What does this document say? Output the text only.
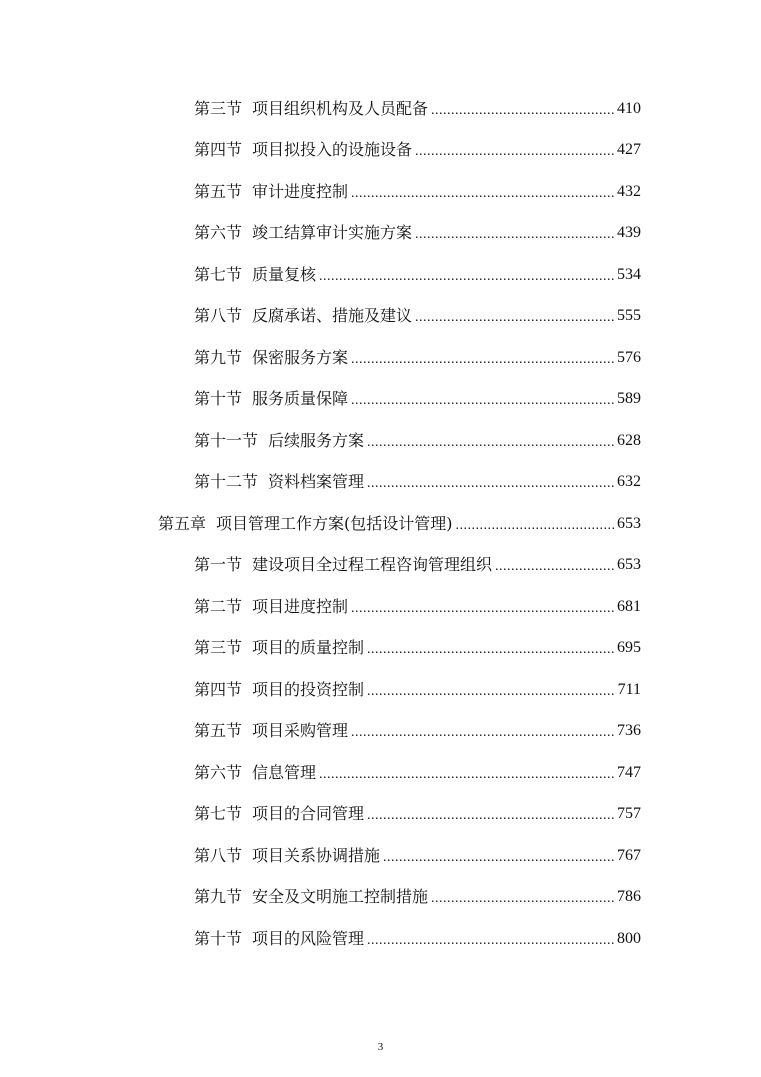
第三节 项目组织机构及人员配备 .....	410
第四节 项目拟投入的设施设备 .....	427
第五节 审计进度控制 .....	432
第六节 竣工结算审计实施方案 .....	439
第七节 质量复核 .....	534
第八节 反腐承诺、措施及建议 .....	555
第九节 保密服务方案 .....	576
第十节 服务质量保障 .....	589
第十一节 后续服务方案 .....	628
第十二节 资料档案管理 .....	632
第五章 项目管理工作方案(包括设计管理) .....	653
第一节 建设项目全过程工程咨询管理组织 .....	653
第二节 项目进度控制 .....	681
第三节 项目的质量控制 .....	695
第四节 项目的投资控制 .....	711
第五节 项目采购管理 .....	736
第六节 信息管理 .....	747
第七节 项目的合同管理 .....	757
第八节 项目关系协调措施 .....	767
第九节 安全及文明施工控制措施 .....	786
第十节 项目的风险管理 .....	800
3
